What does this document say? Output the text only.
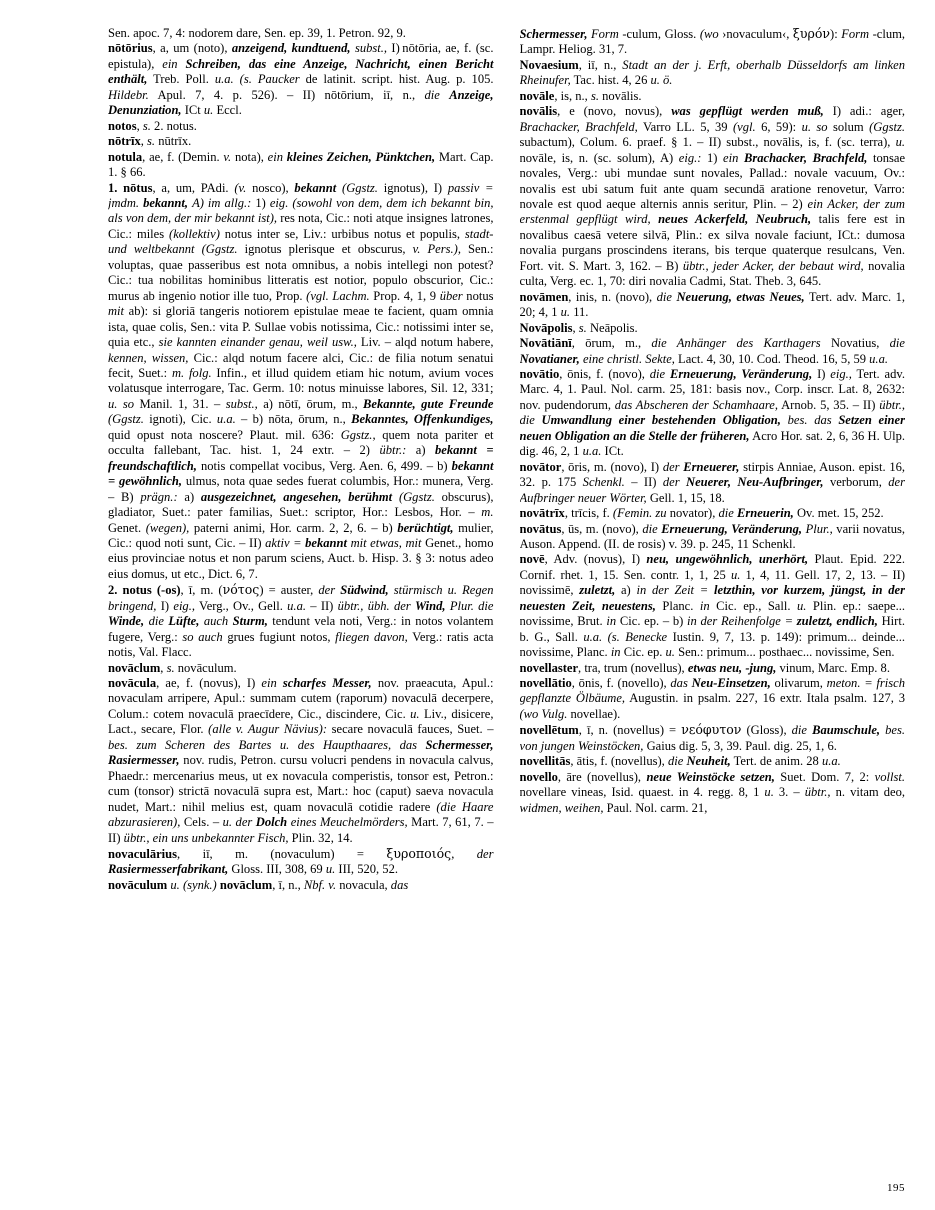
Sen. apoc. 7, 4: nodorem dare, Sen. ep. 39, 1. Petron. 92, 9.

nōtōrius, a, um (noto), anzeigend, kundtuend, subst., I) nōtōria, ae, f. (sc. epistula), ein Schreiben, das eine Anzeige, Nachricht, einen Bericht enthält, Treb. Poll. u.a. (s. Paucker de latinit. script. hist. Aug. p. 105. Hildebr. Apul. 7, 4. p. 526). – II) nōtōrium, iī, n., die Anzeige, Denunziation, ICt u. Eccl.

notos, s. 2. notus.

nōtrīx, s. nūtrīx.

notula, ae, f. (Demin. v. nota), ein kleines Zeichen, Pünktchen, Mart. Cap. 1. § 66.

1. nōtus, a, um, PAdi. (v. nosco), bekannt (Ggstz. ignotus), I) passiv = jmdm. bekannt, A) im allg.: 1) eig. (sowohl von dem, dem ich bekannt bin, als von dem, der mir bekannt ist), res nota, Cic.: noti atque insignes latrones, Cic.: miles (kollektiv) notus inter se, Liv.: urbibus notus et populis, stadt- und weltbekannt (Ggstz. ignotus plerisque et obscurus, v. Pers.), Sen.: voluptas, quae passeribus est nota omnibus, a nobis intellegi non potest? Cic.: tua nobilitas hominibus litteratis est notior, populo obscurior, Cic.: murus ab ingenio notior ille tuo, Prop. (vgl. Lachm. Prop. 4, 1, 9 über notus mit ab): si gloriā tangeris notiorem epistulae meae te facient, quam omnia ista, quae colis, Sen.: vita P. Sullae vobis notissima, Cic.: notissimi inter se, quia etc., sie kannten einander genau, weil usw., Liv. – alqd notum habere, kennen, wissen, Cic.: alqd notum facere alci, Cic.: de filia notum senatui fecit, Suet.: m. folg. Infin., et illud quidem etiam hic notum, avium voces volatusque interrogare, Tac. Germ. 10: notus minuisse labores, Sil. 12, 331; u. so Manil. 1, 31. – subst., a) nōtī, ōrum, m., Bekannte, gute Freunde (Ggstz. ignoti), Cic. u.a. – b) nōta, ōrum, n., Bekanntes, Offenkundiges, quid opust nota noscere? Plaut. mil. 636: Ggstz., quem nota pariter et occulta fallebant, Tac. hist. 1, 24 extr. – 2) übtr.: a) bekannt = freundschaftlich, notis compellat vocibus, Verg. Aen. 6, 499. – b) bekannt = gewöhnlich, ulmus, nota quae sedes fuerat columbis, Hor.: munera, Verg. – B) prägn.: a) ausgezeichnet, angesehen, berühmt (Ggstz. obscurus), gladiator, Suet.: pater familias, Suet.: scriptor, Hor.: Lesbos, Hor. – m. Genet. (wegen), paterni animi, Hor. carm. 2, 2, 6. – b) berüchtigt, mulier, Cic.: quod noti sunt, Cic. – II) aktiv = bekannt mit etwas, mit Genet., homo eius provinciae notus et non parum sciens, Auct. b. Hisp. 3. § 3: notus adeo eius domus, ut etc., Dict. 6, 7.

2. notus (-os), ī, m. (νότος) = auster, der Südwind, stürmisch u. Regen bringend, I) eig., Verg., Ov., Gell. u.a. – II) übtr., übh. der Wind, Plur. die Winde, die Lüfte, auch Sturm, tendunt vela noti, Verg.: in notos volantem fugere, Verg.: so auch grues fugiunt notos, fliegen davon, Verg.: ratis acta notis, Val. Flacc.

novāclum, s. novāculum.

novācula, ae, f. (novus), I) ein scharfes Messer, nov. praeacuta, Apul.: novaculam arripere, Apul.: summam cutem (raporum) novaculā decerpere, Colum.: cotem novaculā praecīdere, Cic., discindere, Cic. u. Liv., disicere, Lact., secare, Flor. (alle v. Augur Nävius): secare novaculā fauces, Suet. – bes. zum Scheren des Bartes u. des Haupthaares, das Schermesser, Rasiermesser, nov. rudis, Petron. cursu volucri pendens in novacula calvus, Phaedr.: mercenarius meus, ut ex novacula comperistis, tonsor est, Petron.: cum (tonsor) strictā novaculā supra est, Mart.: hoc (caput) saeva novacula nudet, Mart.: nihil melius est, quam novaculā cotidie radere (die Haare abzurasieren), Cels. – u. der Dolch eines Meuchelmörders, Mart. 7, 61, 7. – II) übtr., ein uns unbekannter Fisch, Plin. 32, 14.

novaculārius, iī, m. (novaculum) = ξυροποιός, der Rasiermesserfabrikant, Gloss. III, 308, 69 u. III, 520, 52.

novāculum u. (synk.) novāclum, ī, n., Nbf. v. novacula, das

Schermesser, Form -culum, Gloss. (wo ›novaculum‹, ξυρόν): Form -clum, Lampr. Heliog. 31, 7.

Novaesium, iī, n., Stadt an der j. Erft, oberhalb Düsseldorfs am linken Rheinufer, Tac. hist. 4, 26 u. ö.

novāle, is, n., s. novālis.

novālis, e (novo, novus), was gepflügt werden muß, I) adi.: ager, Brachacker, Brachfeld, Varro LL. 5, 39 (vgl. 6, 59): u. so solum (Ggstz. subactum), Colum. 6. praef. § 1. – II) subst., novālis, is, f. (sc. terra), u. novāle, is, n. (sc. solum), A) eig.: 1) ein Brachacker, Brachfeld, tonsae novales, Verg.: ubi mundae sunt novales, Pallad.: novale vacuum, Ov.: novalis est ubi satum fuit ante quam secundā aratione renovetur, Varro: novale est quod aeque alternis annis seritur, Plin. – 2) ein Acker, der zum erstenmal gepflügt wird, neues Ackerfeld, Neubruch, talis fere est in novalibus caesā vetere silvā, Plin.: ex silva novale faciunt, ICt.: dumosa novalia purgans proscindens iterans, bis terque quaterque resulcans, Ven. Fort. vit. S. Mart. 3, 162. – B) übtr., jeder Acker, der bebaut wird, novalia culta, Verg. ec. 1, 70: diri novalia Cadmi, Stat. Theb. 3, 645.

novāmen, inis, n. (novo), die Neuerung, etwas Neues, Tert. adv. Marc. 1, 20; 4, 1 u. 11.

Novāpolis, s. Neāpolis.

Novātiānī, ōrum, m., die Anhänger des Karthagers Novatius, die Novatianer, eine christl. Sekte, Lact. 4, 30, 10. Cod. Theod. 16, 5, 59 u.a.

novātio, ōnis, f. (novo), die Erneuerung, Veränderung, I) eig., Tert. adv. Marc. 4, 1. Paul. Nol. carm. 25, 181: basis nov., Corp. inscr. Lat. 8, 2632: nov. pudendorum, das Abscheren der Schamhaare, Arnob. 5, 35. – II) übtr., die Umwandlung einer bestehenden Obligation, bes. das Setzen einer neuen Obligation an die Stelle der früheren, Acro Hor. sat. 2, 6, 36 H. Ulp. dig. 46, 2, 1 u.a. ICt.

novātor, ōris, m. (novo), I) der Erneuerer, stirpis Anniae, Auson. epist. 16, 32. p. 175 Schenkl. – II) der Neuerer, Neu-Aufbringer, verborum, der Aufbringer neuer Wörter, Gell. 1, 15, 18.

novātrīx, trīcis, f. (Femin. zu novator), die Erneuerin, Ov. met. 15, 252.

novātus, ūs, m. (novo), die Erneuerung, Veränderung, Plur., varii novatus, Auson. Append. (II. de rosis) v. 39. p. 245, 11 Schenkl.

novē, Adv. (novus), I) neu, ungewöhnlich, unerhört, Plaut. Epid. 222. Cornif. rhet. 1, 15. Sen. contr. 1, 1, 25 u. 1, 4, 11. Gell. 17, 2, 13. – II) novissimē, zuletzt, a) in der Zeit = letzthin, vor kurzem, jüngst, in der neuesten Zeit, neuestens, Planc. in Cic. ep., Sall. u. Plin. ep.: saepe... novissime, Brut. in Cic. ep. – b) in der Reihenfolge = zuletzt, endlich, Hirt. b. G., Sall. u.a. (s. Benecke Iustin. 9, 7, 13. p. 149): primum... deinde... novissime, Planc. in Cic. ep. u. Sen.: primum... posthaec... novissime, Sen.

novellaster, tra, trum (novellus), etwas neu, -jung, vinum, Marc. Emp. 8.

novellātio, ōnis, f. (novello), das Neu-Einsetzen, olivarum, meton. = frisch gepflanzte Ölbäume, Augustin. in psalm. 227, 16 extr. Itala psalm. 127, 3 (wo Vulg. novellae).

novellētum, ī, n. (novellus) = νεόφυτον (Gloss), die Baumschule, bes. von jungen Weinstöcken, Gaius dig. 5, 3, 39. Paul. dig. 25, 1, 6.

novellitās, ātis, f. (novellus), die Neuheit, Tert. de anim. 28 u.a.

novello, āre (novellus), neue Weinstöcke setzen, Suet. Dom. 7, 2: vollst. novellare vineas, Isid. quaest. in 4. regg. 8, 1 u. 3. – übtr., n. vitam deo, widmen, weihen, Paul. Nol. carm. 21,

195
